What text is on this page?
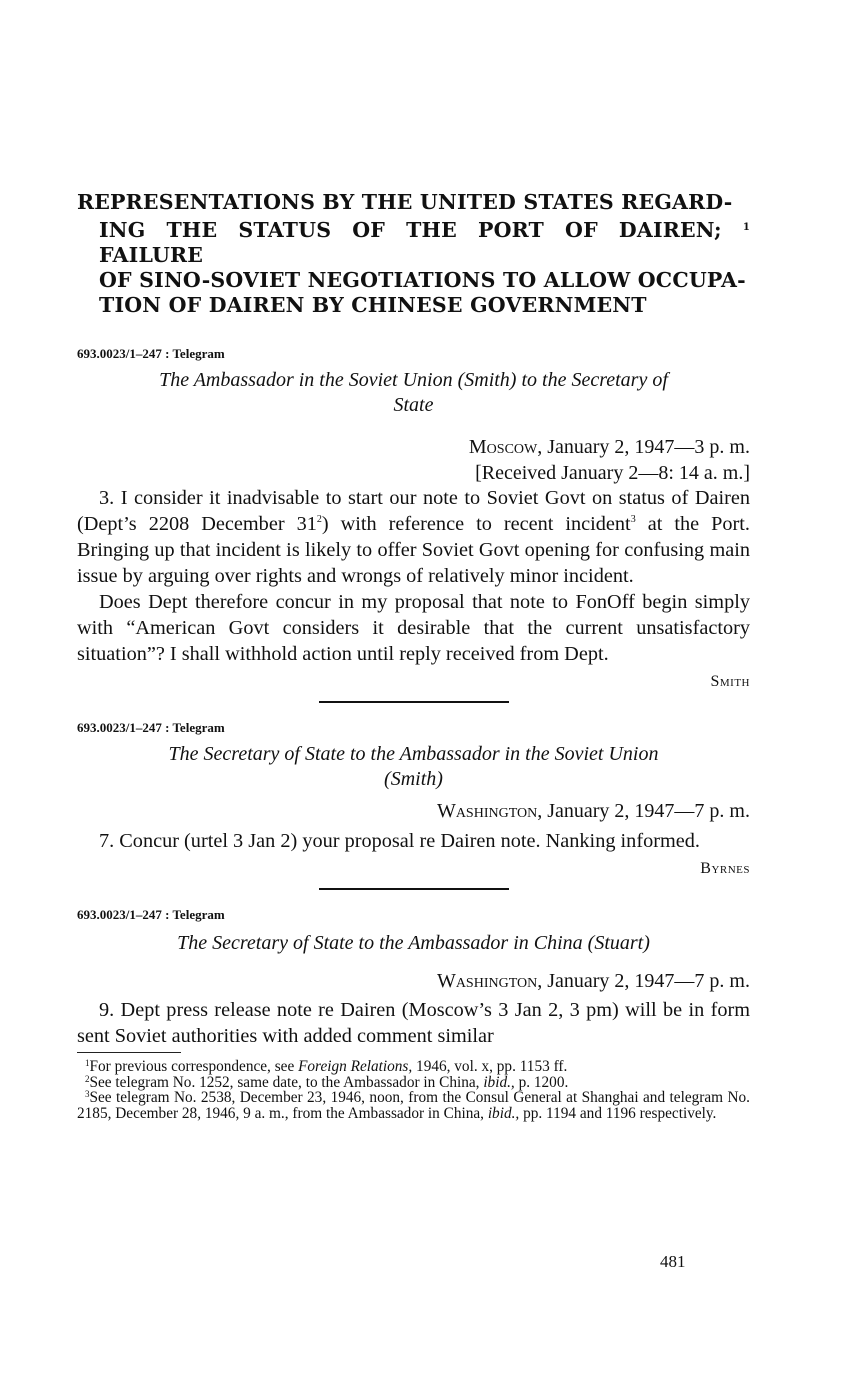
REPRESENTATIONS BY THE UNITED STATES REGARD-
ING THE STATUS OF THE PORT OF DAIREN; $^1$ FAILURE
OF SINO-SOVIET NEGOTIATIONS TO ALLOW OCCUPA-
TION OF DAIREN BY CHINESE GOVERNMENT

693.0023/1–247 : Telegram

The Ambassador in the Soviet Union (Smith) to the Secretary of
State

Moscow, January 2, 1947—3 p. m.

[Received January 2—8: 14 a. m.]

3. I consider it inadvisable to start our note to Soviet Govt on status of Dairen (Dept’s 2208 December $31^2$) with reference to recent incident$^3$ at the Port. Bringing up that incident is likely to offer Soviet Govt opening for confusing main issue by arguing over rights and wrongs of relatively minor incident.

Does Dept therefore concur in my proposal that note to FonOff begin simply with “American Govt considers it desirable that the current unsatisfactory situation”? I shall withhold action until reply received from Dept.

Smith

693.0023/1–247 : Telegram

The Secretary of State to the Ambassador in the Soviet Union
(Smith)

Washington, January 2, 1947—7 p. m.

7. Concur (urtel 3 Jan 2) your proposal re Dairen note. Nanking informed.

Byrnes

693.0023/1–247 : Telegram

The Secretary of State to the Ambassador in China (Stuart)

Washington, January 2, 1947—7 p. m.

9. Dept press release note re Dairen (Moscow’s 3 Jan 2, 3 pm) will be in form sent Soviet authorities with added comment similar

$^1$For previous correspondence, see Foreign Relations, 1946, vol. x, pp. 1153 ff.

$^2$See telegram No. 1252, same date, to the Ambassador in China, ibid., p. 1200.

$^3$See telegram No. 2538, December 23, 1946, noon, from the Consul General at Shanghai and telegram No. 2185, December 28, 1946, 9 a. m., from the Ambassador in China, ibid., pp. 1194 and 1196 respectively.

481
